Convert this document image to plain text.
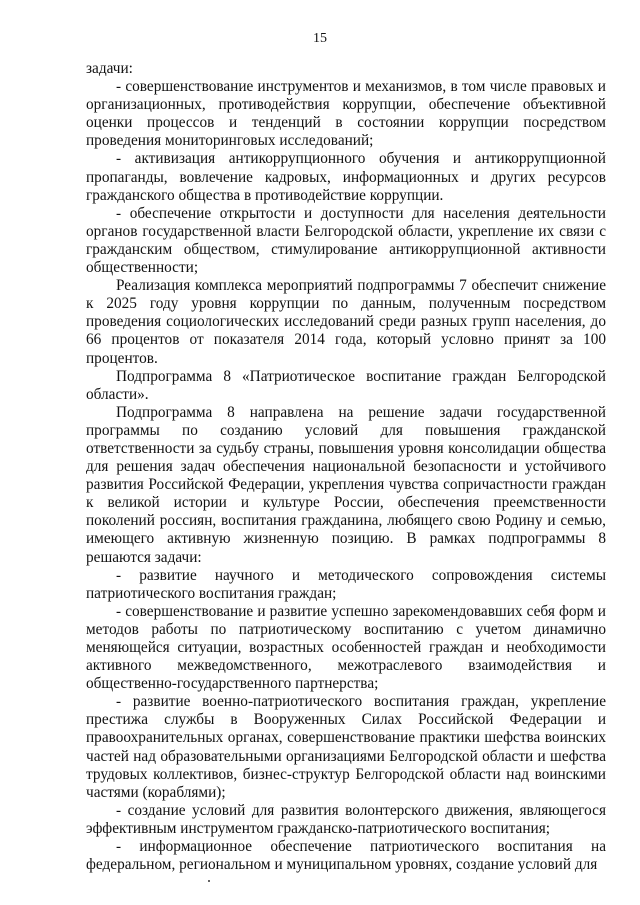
15

задачи:

- совершенствование инструментов и механизмов, в том числе правовых и организационных, противодействия коррупции, обеспечение объективной оценки процессов и тенденций в состоянии коррупции посредством проведения мониторинговых исследований;

- активизация антикоррупционного обучения и антикоррупционной пропаганды, вовлечение кадровых, информационных и других ресурсов гражданского общества в противодействие коррупции.

- обеспечение открытости и доступности для населения деятельности органов государственной власти Белгородской области, укрепление их связи с гражданским обществом, стимулирование антикоррупционной активности общественности;

Реализация комплекса мероприятий подпрограммы 7 обеспечит снижение к 2025 году уровня коррупции по данным, полученным посредством проведения социологических исследований среди разных групп населения, до 66 процентов от показателя 2014 года, который условно принят за 100 процентов.

Подпрограмма 8 «Патриотическое воспитание граждан Белгородской области».

Подпрограмма 8 направлена на решение задачи государственной программы по созданию условий для повышения гражданской ответственности за судьбу страны, повышения уровня консолидации общества для решения задач обеспечения национальной безопасности и устойчивого развития Российской Федерации, укрепления чувства сопричастности граждан к великой истории и культуре России, обеспечения преемственности поколений россиян, воспитания гражданина, любящего свою Родину и семью, имеющего активную жизненную позицию. В рамках подпрограммы 8 решаются задачи:

- развитие научного и методического сопровождения системы патриотического воспитания граждан;

- совершенствование и развитие успешно зарекомендовавших себя форм и методов работы по патриотическому воспитанию с учетом динамично меняющейся ситуации, возрастных особенностей граждан и необходимости активного межведомственного, межотраслевого взаимодействия и общественно-государственного партнерства;

- развитие военно-патриотического воспитания граждан, укрепление престижа службы в Вооруженных Силах Российской Федерации и правоохранительных органах, совершенствование практики шефства воинских частей над образовательными организациями Белгородской области и шефства трудовых коллективов, бизнес-структур Белгородской области над воинскими частями (кораблями);

- создание условий для развития волонтерского движения, являющегося эффективным инструментом гражданско-патриотического воспитания;

- информационное обеспечение патриотического воспитания на федеральном, региональном и муниципальном уровнях, создание условий для
